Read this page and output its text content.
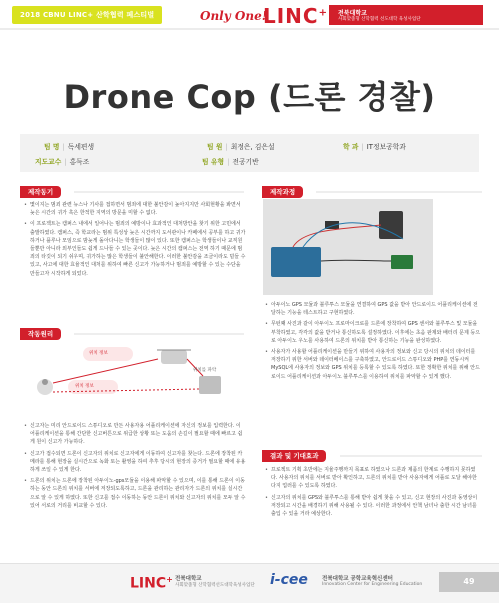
2018 CBNU LINC+ 산학협력 페스티벌	Only One!
LINC+ 전북대학교
사회맞춤형 산학협력 선도대학 육성사업단
Drone Cop (드론 경찰)
팀 명 | 독세편생	팀 원 | 최정은, 김은설	학 과 | IT정보공학과
지도교수 | 홍득조	팀 유형 | 전공기반
제작동기
• 몇이지는 범죄 관련 뉴스나 기사를 접하면서 범죄에 대한 불안감이 높아지지만 사회현황을 봐면서 늦은 시간의 귀가 혹은 한적한 지역의 방문을 미할 수 없다.
• 이 프로젝트는 캠퍼스 내에서 일어나는 범죄의 예방이나 효과적인 대처방안을 찾기 위한 고민에서 출발하였다. 캠퍼스, 즉 학교라는 범위 특성상 늦은 시간까지 도서관이나 카페에서 공부를 하고 귀가하거나 플루나 모임으로 밤늦게 돌아다니는 학생들이 많이 있다. 또한 캠퍼스는 학생들이나 교직원들뿐만 아니라 외부인들도 쉽게 드나들 수 있는 곳이다. 늦은 시간의 캠퍼스는 전역 하기 때문에 범죄의 타깃이 되기 쉬우며, 귀가하는 많은 학생들이 불안해한다. 이러한 불안감을 조금이라도 덜들 수 있고, 사고에 대한 효율적인 대처를 위하여 빠른 신고가 가능하거나 범죄를 예방할 수 있는 수단을 만들고자 시작하게 되었다.
작동원리
위치 정보
위치 정보
위치를 파악
• 신고자는 미리 안드로이드 스튜디오로 만든 사용자용 어플리케이션에 자신의 정보를 입력한다. 이 어플리케이션을 통해 간단한 신고버튼으로 위급한 상황 또는 도움의 손길이 필요할 때에 빠르고 쉽게 원이 신고가 가능하다.
• 신고가 접수되면 드론이 신고자의 위치로 신고자에게 이동하여 신고자를 찾는다. 드론에 장착된 카메라를 통해 현장을 실시간으로 녹화 또는 촬영을 하여 추후 당시의 현장의 증거가 필요할 때에 유용하게 쓰일 수 있게 한다.
• 드론의 위치는 드론에 장착된 아두이노-gps모듈을 이용해 파악할 수 있으며, 이를 통해 드론이 이동하는 동안 드론의 위치를 서버에 저장되도록하고, 드론을 관리하는 관리자가 드론의 위치를 실시간으로 알 수 있게 하였다. 또한 신고를 접수 이동하는 동안 드론이 위치와 신고자의 위치를 모두 알 수 있어 서로의 거리를 비교할 수 있다.
제작과정
• 아두이노 GPS 모듈과 블루투스 모듈을 연결하여 GPS 값을 받아 안드로이드 어플리케이션에 전달하는 기능을 테스트하고 구현하였다.
• 무턴째 사진과 같이 아두이노 프로마이크로를 드론에 장착하여 GPS 센서와 블루투스 및 모듈을 부착하였고, 각각의 값을 받거나 통신하도록 설정하였다. 이후에는 초음 판제와 배터리 문제 등으로 아두이노 우노를 사용하여 드론의 위치를 받아 통신하는 기능을 완성하였다.
• 사용자가 사용할 어플리케이션을 만들기 위하여 사용자의 정보와 신고 당시의 위치의 데이터를 저장하기 위한 서버와 데이터베이스를 구축하였고, 안드로이드 스튜디오와 PHP를 연동시켜 MySQL에 사용자의 정보와 GPS 위치를 등록할 수 있도록 하였다. 또한 정확한 위치를 위해 안드로이드 어플리케이션과 아두이노 블루투스를 이용하여 위치를 파악할 수 있게 했다.
결과 및 기대효과
• 프로젝트 기획 초반에는 지율주행까지 목표로 하였으나 드론과 제품의 한계로 수행하지 못하였다. 사용자의 위치를 서버로 받아 확인하고, 드론의 위치를 받아 사용자에게 어플로 도달 해야한다지 업러를 수 있도록 하였다.
• 신고자의 위치를 GPS와 블루투스를 통해 받아 쉽게 찾을 수 있고, 신고 현장의 사진과 동영상이 저장되고 시간을 배경하기 위해 사용될 수 있다. 이러한 과정에서 안책 남녀나 출한 시간 남녀를 출입 수 있을 거라 예상한다.
LINC+ 전북대학교
사회맞춤형 산학협력선도대학육성사업단 i-cee	전북대학교 공학교육혁신센터
Innovation Center for Engineering Education	49
